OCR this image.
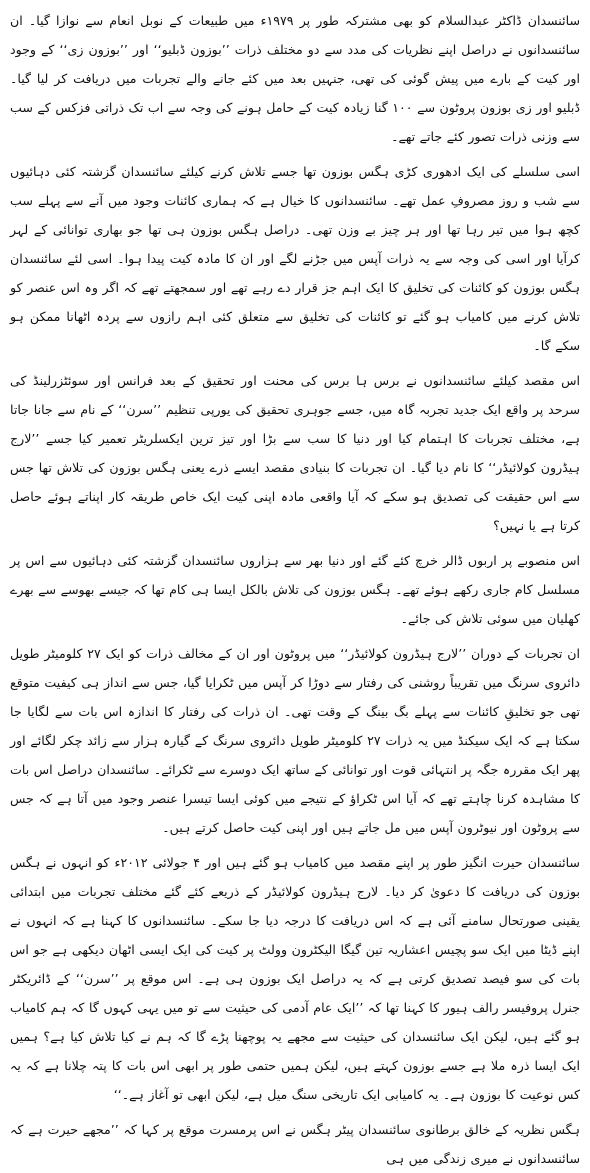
سائنسدان ڈاکٹر عبدالسلام کو بھی مشترکہ طور پر ۱۹۷۹ء میں طبیعات کے نوبل انعام سے نوازا گیا۔ ان سائنسدانوں نے دراصل اپنے نظریات کی مدد سے دو مختلف ذرات ’’بوزون ڈبلیو‘‘ اور ’’بوزون زی‘‘ کے وجود اور کیت کے بارے میں پیش گوئی کی تھی، جنہیں بعد میں کئے جانے والے تجربات میں دریافت کر لیا گیا۔ ڈبلیو اور زی بوزون پروٹون سے ۱۰۰ گنا زیادہ کیت کے حامل ہونے کی وجہ سے اب تک ذراتی فزکس کے سب سے وزنی ذرات تصور کئے جاتے تھے۔

اسی سلسلے کی ایک ادھوری کڑی ہگس بوزون تھا جسے تلاش کرنے کیلئے سائنسدان گزشتہ کئی دہائیوں سے شب و روز مصروفِ عمل تھے۔ سائنسدانوں کا خیال ہے کہ ہماری کائنات وجود میں آنے سے پہلے سب کچھ ہوا میں تیر رہا تھا اور ہر چیز بے وزن تھی۔ دراصل ہگس بوزون ہی تھا جو بھاری توانائی کے لہر کرآیا اور اسی کی وجہ سے یہ ذرات آپس میں جڑنے لگے اور ان کا مادہ کیت پیدا ہوا۔ اسی لئے سائنسدان ہگس بوزون کو کائنات کی تخلیق کا ایک اہم جز قرار دے رہے تھے اور سمجھتے تھے کہ اگر وہ اس عنصر کو تلاش کرنے میں کامیاب ہو گئے تو کائنات کی تخلیق سے متعلق کئی اہم رازوں سے پردہ اٹھانا ممکن ہو سکے گا۔

اس مقصد کیلئے سائنسدانوں نے برس ہا برس کی محنت اور تحقیق کے بعد فرانس اور سوئٹزرلینڈ کی سرحد پر واقع ایک جدید تجربہ گاہ میں، جسے جوہری تحقیق کی یورپی تنظیم ’’سرن‘‘ کے نام سے جانا جاتا ہے، مختلف تجربات کا اہتمام کیا اور دنیا کا سب سے بڑا اور تیز ترین ایکسلریٹر تعمیر کیا جسے ’’لارج ہیڈرون کولائیڈر‘‘ کا نام دیا گیا۔ ان تجربات کا بنیادی مقصد ایسے ذرے یعنی ہگس بوزون کی تلاش تھا جس سے اس حقیقت کی تصدیق ہو سکے کہ آیا واقعی مادہ اپنی کیت ایک خاص طریقہ کار اپناتے ہوئے حاصل کرتا ہے یا نہیں؟

اس منصوبے پر اربوں ڈالر خرچ کئے گئے اور دنیا بھر سے ہزاروں سائنسدان گزشتہ کئی دہائیوں سے اس پر مسلسل کام جاری رکھے ہوئے تھے۔ ہگس بوزون کی تلاش بالکل ایسا ہی کام تھا کہ جیسے بھوسے سے بھرے کھلیان میں سوئی تلاش کی جائے۔

ان تجربات کے دوران ’’لارج ہیڈرون کولائیڈر‘‘ میں پروٹون اور ان کے مخالف ذرات کو ایک ۲۷ کلومیٹر طویل دائروی سرنگ میں تقریباً روشنی کی رفتار سے دوڑا کر آپس میں ٹکرایا گیا، جس سے انداز ہی کیفیت متوقع تھی جو تخلیقِ کائنات سے پہلے بگ بینگ کے وقت تھی۔ ان ذرات کی رفتار کا اندازہ اس بات سے لگایا جا سکتا ہے کہ ایک سیکنڈ میں یہ ذرات ۲۷ کلومیٹر طویل دائروی سرنگ کے گیارہ ہزار سے زائد چکر لگائے اور پھر ایک مقررہ جگہ پر انتہائی قوت اور توانائی کے ساتھ ایک دوسرے سے ٹکرائے۔ سائنسدان دراصل اس بات کا مشاہدہ کرنا چاہتے تھے کہ آیا اس ٹکراؤ کے نتیجے میں کوئی ایسا تیسرا عنصر وجود میں آتا ہے کہ جس سے پروٹون اور نیوٹرون آپس میں مل جاتے ہیں اور اپنی کیت حاصل کرتے ہیں۔

سائنسدان حیرت انگیز طور پر اپنے مقصد میں کامیاب ہو گئے ہیں اور ۴ جولائی ۲۰۱۲ء کو انہوں نے ہگس بوزون کی دریافت کا دعویٰ کر دیا۔ لارج ہیڈرون کولائیڈر کے ذریعے کئے گئے مختلف تجربات میں ابتدائی یقینی صورتحال سامنے آئی ہے کہ اس دریافت کا درجہ دیا جا سکے۔ سائنسدانوں کا کہنا ہے کہ انہوں نے اپنے ڈیٹا میں ایک سو پچیس اعشاریہ تین گیگا الیکٹرون وولٹ پر کیت کی ایک ایسی اٹھان دیکھی ہے جو اس بات کی سو فیصد تصدیق کرتی ہے کہ یہ دراصل ایک بوزون ہی ہے۔ اس موقع پر ’’سرن‘‘ کے ڈائریکٹر جنرل پروفیسر رالف ہیور کا کہنا تھا کہ ’’ایک عام آدمی کی حیثیت سے تو میں یہی کہوں گا کہ ہم کامیاب ہو گئے ہیں، لیکن ایک سائنسدان کی حیثیت سے مجھے یہ پوچھنا پڑے گا کہ ہم نے کیا تلاش کیا ہے؟ ہمیں ایک ایسا ذرہ ملا ہے جسے بوزون کہتے ہیں، لیکن ہمیں حتمی طور پر ابھی اس بات کا پتہ چلانا ہے کہ یہ کس نوعیت کا بوزون ہے۔ یہ کامیابی ایک تاریخی سنگ میل ہے، لیکن ابھی تو آغاز ہے۔‘‘

ہگس نظریہ کے خالق برطانوی سائنسدان پیٹر ہگس نے اس پرمسرت موقع پر کہا کہ ’’مجھے حیرت ہے کہ سائنسدانوں نے میری زندگی میں ہی
